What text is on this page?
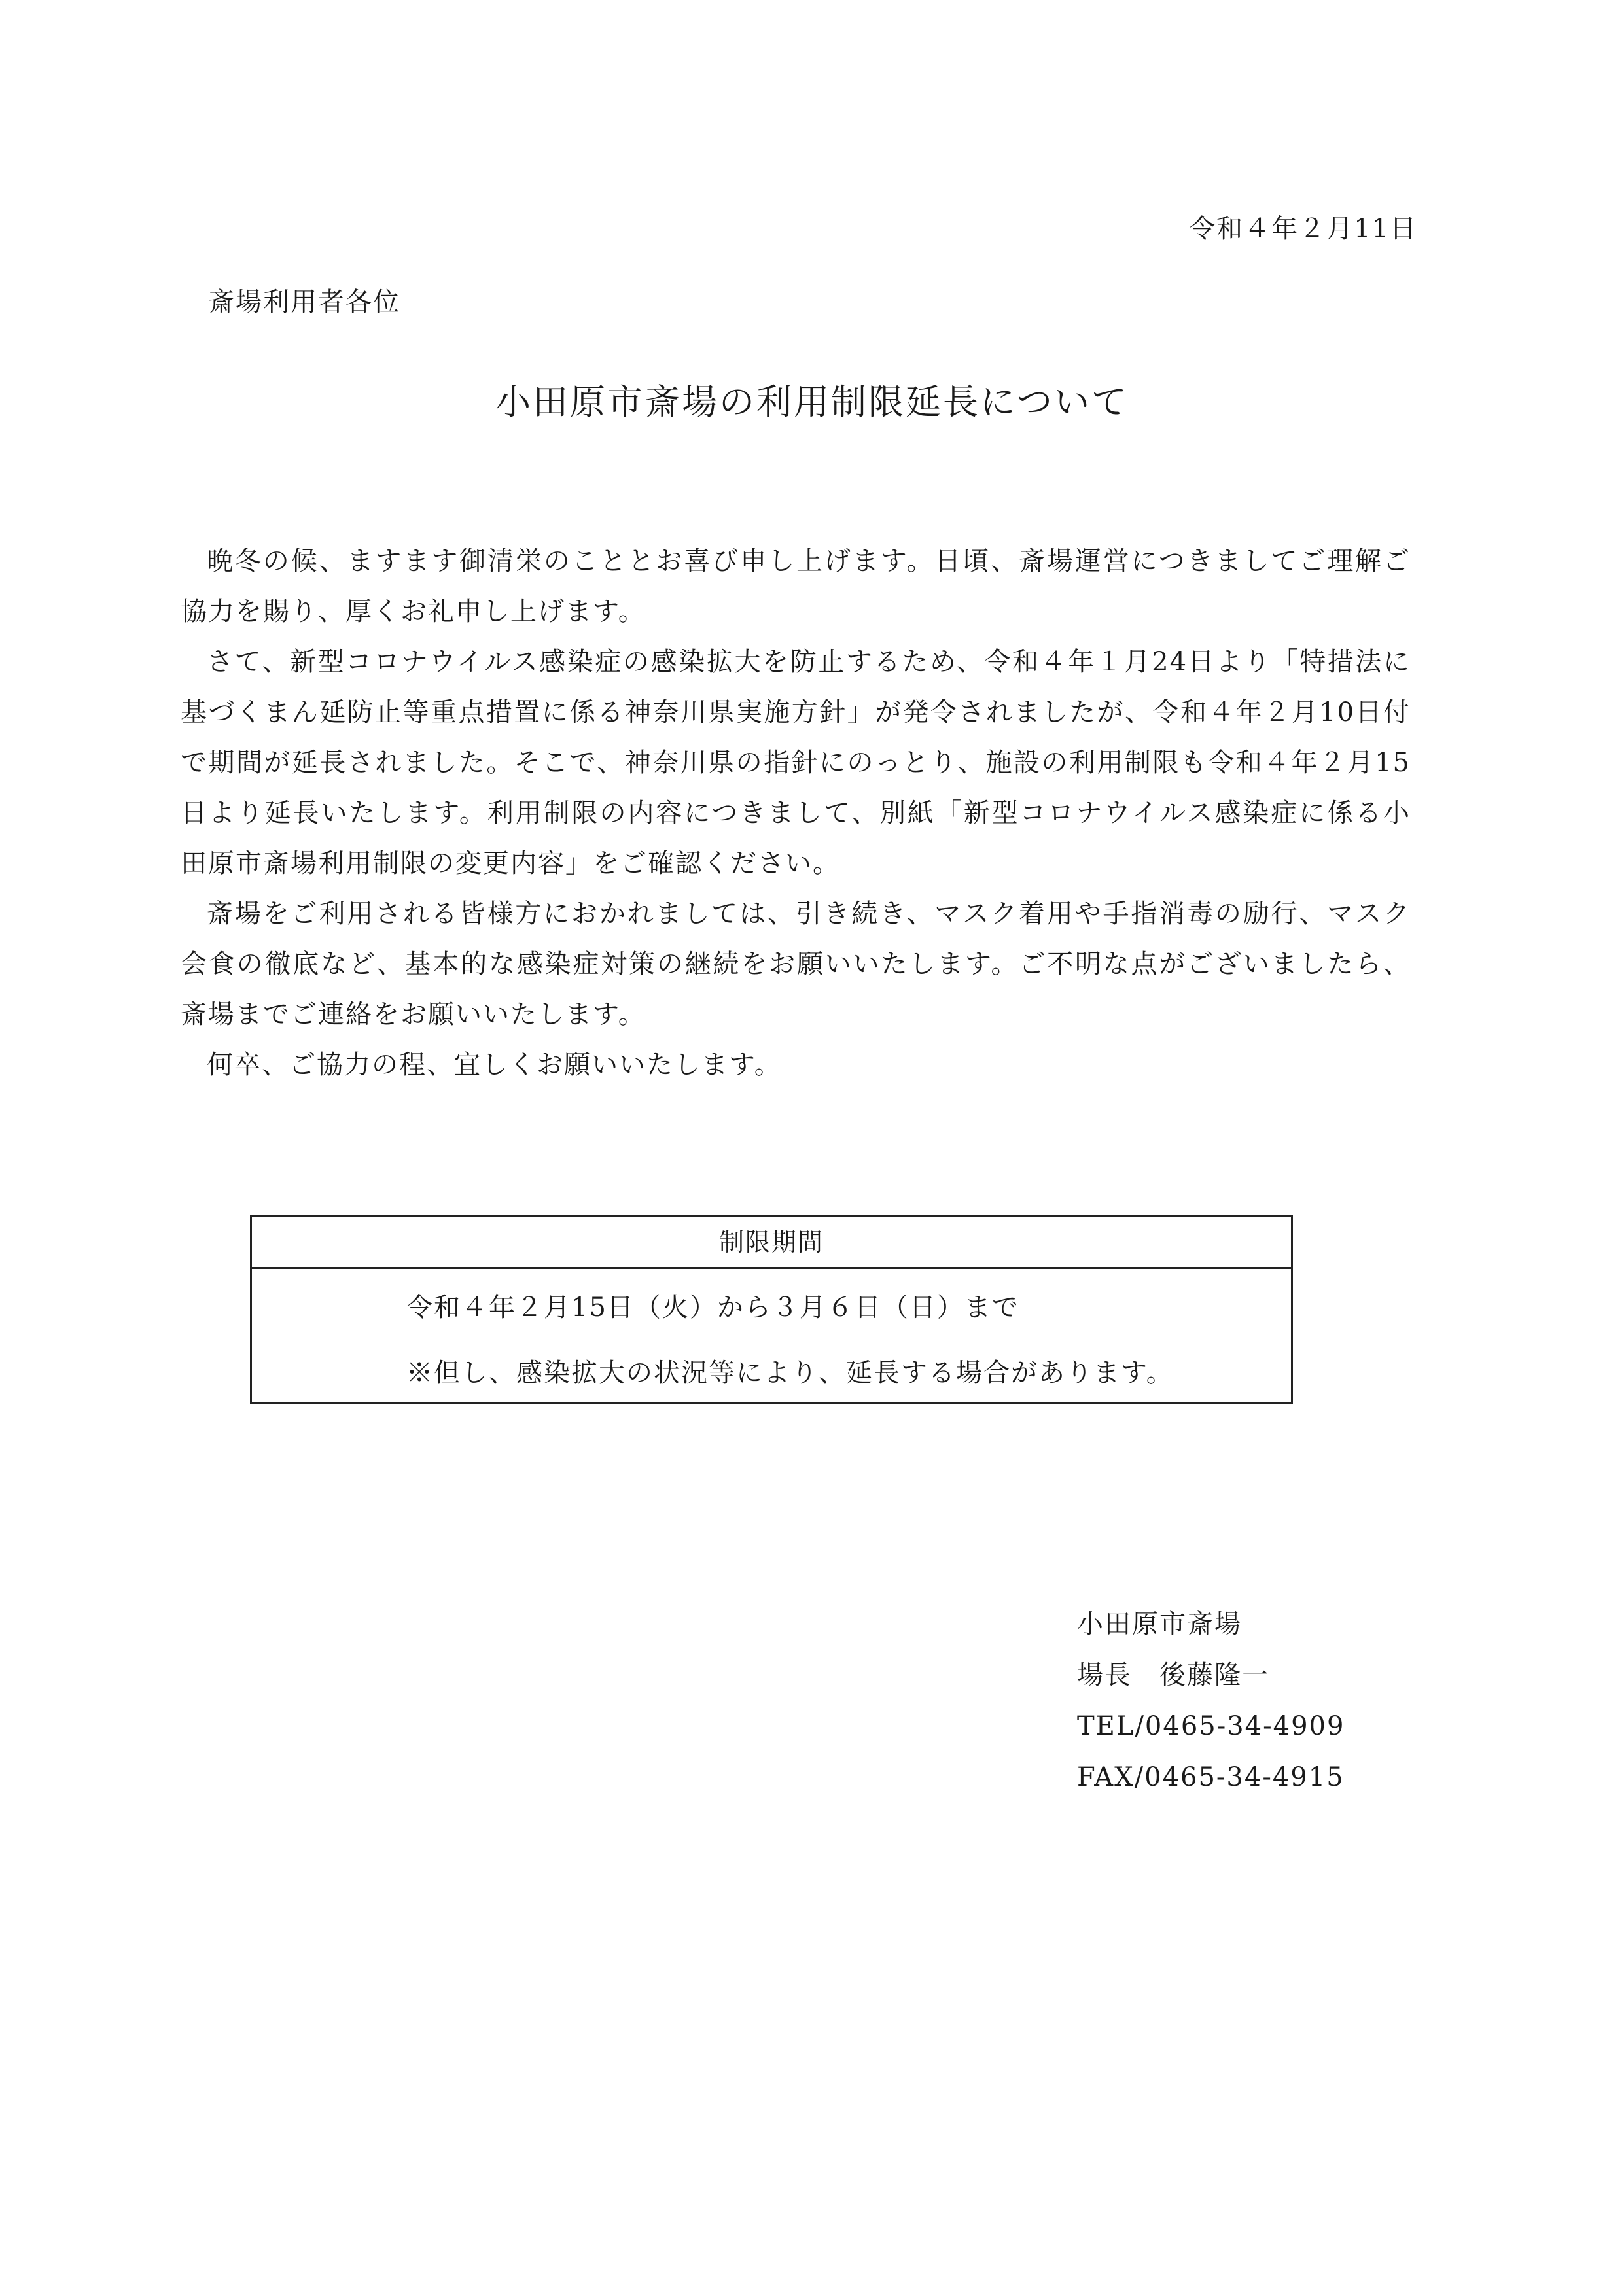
令和４年２月11日
斎場利用者各位
小田原市斎場の利用制限延長について

晩冬の候、ますます御清栄のこととお喜び申し上げます。日頃、斎場運営につきましてご理解ご協力を賜り、厚くお礼申し上げます。

さて、新型コロナウイルス感染症の感染拡大を防止するため、令和４年１月24日より「特措法に基づくまん延防止等重点措置に係る神奈川県実施方針」が発令されましたが、令和４年２月10日付で期間が延長されました。そこで、神奈川県の指針にのっとり、施設の利用制限も令和４年２月15日より延長いたします。利用制限の内容につきまして、別紙「新型コロナウイルス感染症に係る小田原市斎場利用制限の変更内容」をご確認ください。

斎場をご利用される皆様方におかれましては、引き続き、マスク着用や手指消毒の励行、マスク会食の徹底など、基本的な感染症対策の継続をお願いいたします。ご不明な点がございましたら、斎場までご連絡をお願いいたします。

何卒、ご協力の程、宜しくお願いいたします。

制限期間
令和４年２月15日（火）から３月６日（日）まで
※但し、感染拡大の状況等により、延長する場合があります。
小田原市斎場
場長　後藤隆一
TEL/0465-34-4909
FAX/0465-34-4915
